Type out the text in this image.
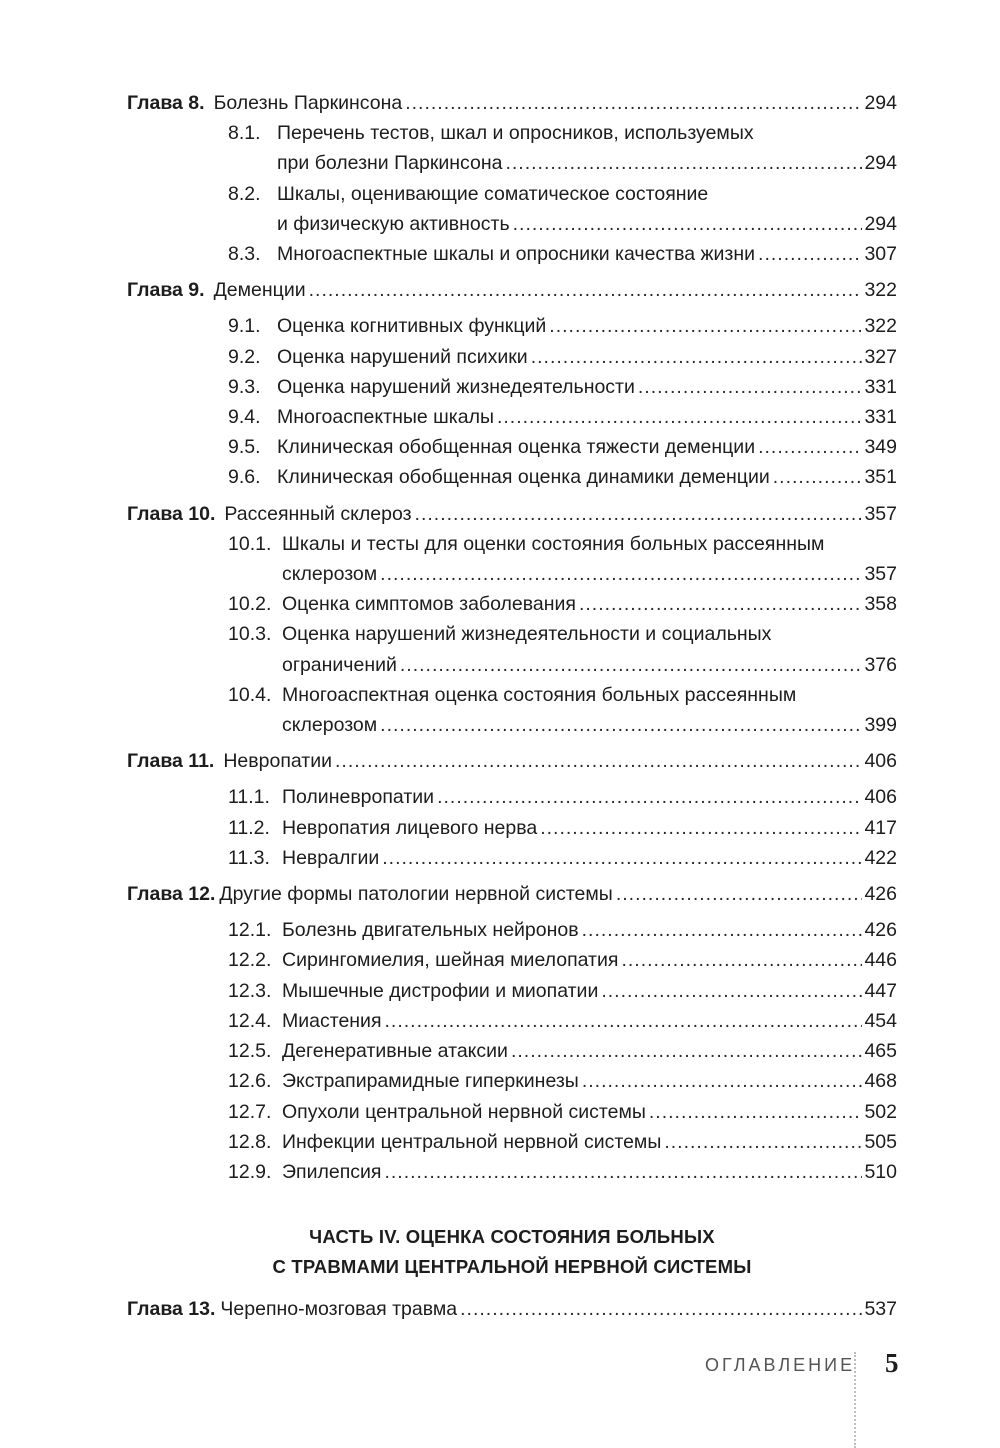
Глава 8. Болезнь Паркинсона .....	294
8.1. Перечень тестов, шкал и опросников, используемых
при болезни Паркинсона .....	294
8.2. Шкалы, оценивающие соматическое состояние
и физическую активность .....	294
8.3. Многоаспектные шкалы и опросники качества жизни .....	307
Глава 9. Деменции .....	322
9.1. Оценка когнитивных функций .....	322
9.2. Оценка нарушений психики .....	327
9.3. Оценка нарушений жизнедеятельности .....	331
9.4. Многоаспектные шкалы .....	331
9.5. Клиническая обобщенная оценка тяжести деменции .....	349
9.6. Клиническая обобщенная оценка динамики деменции .....	351
Глава 10. Рассеянный склероз .....	357
10.1. Шкалы и тесты для оценки состояния больных рассеянным
склерозом .....	357
10.2. Оценка симптомов заболевания .....	358
10.3. Оценка нарушений жизнедеятельности и социальных
ограничений .....	376
10.4. Многоаспектная оценка состояния больных рассеянным
склерозом .....	399
Глава 11. Невропатии .....	406
11.1. Полиневропатии .....	406
11.2. Невропатия лицевого нерва .....	417
11.3. Невралгии .....	422
Глава 12. Другие формы патологии нервной системы .....	426
12.1. Болезнь двигательных нейронов .....	426
12.2. Сирингомиелия, шейная миелопатия .....	446
12.3. Мышечные дистрофии и миопатии .....	447
12.4. Миастения .....	454
12.5. Дегенеративные атаксии .....	465
12.6. Экстрапирамидные гиперкинезы .....	468
12.7. Опухоли центральной нервной системы .....	502
12.8. Инфекции центральной нервной системы .....	505
12.9. Эпилепсия .....	510
ЧАСТЬ IV. ОЦЕНКА СОСТОЯНИЯ БОЛЬНЫХ
С ТРАВМАМИ ЦЕНТРАЛЬНОЙ НЕРВНОЙ СИСТЕМЫ
Глава 13. Черепно-мозговая травма .....	537
ОГЛАВЛЕНИЕ 5
